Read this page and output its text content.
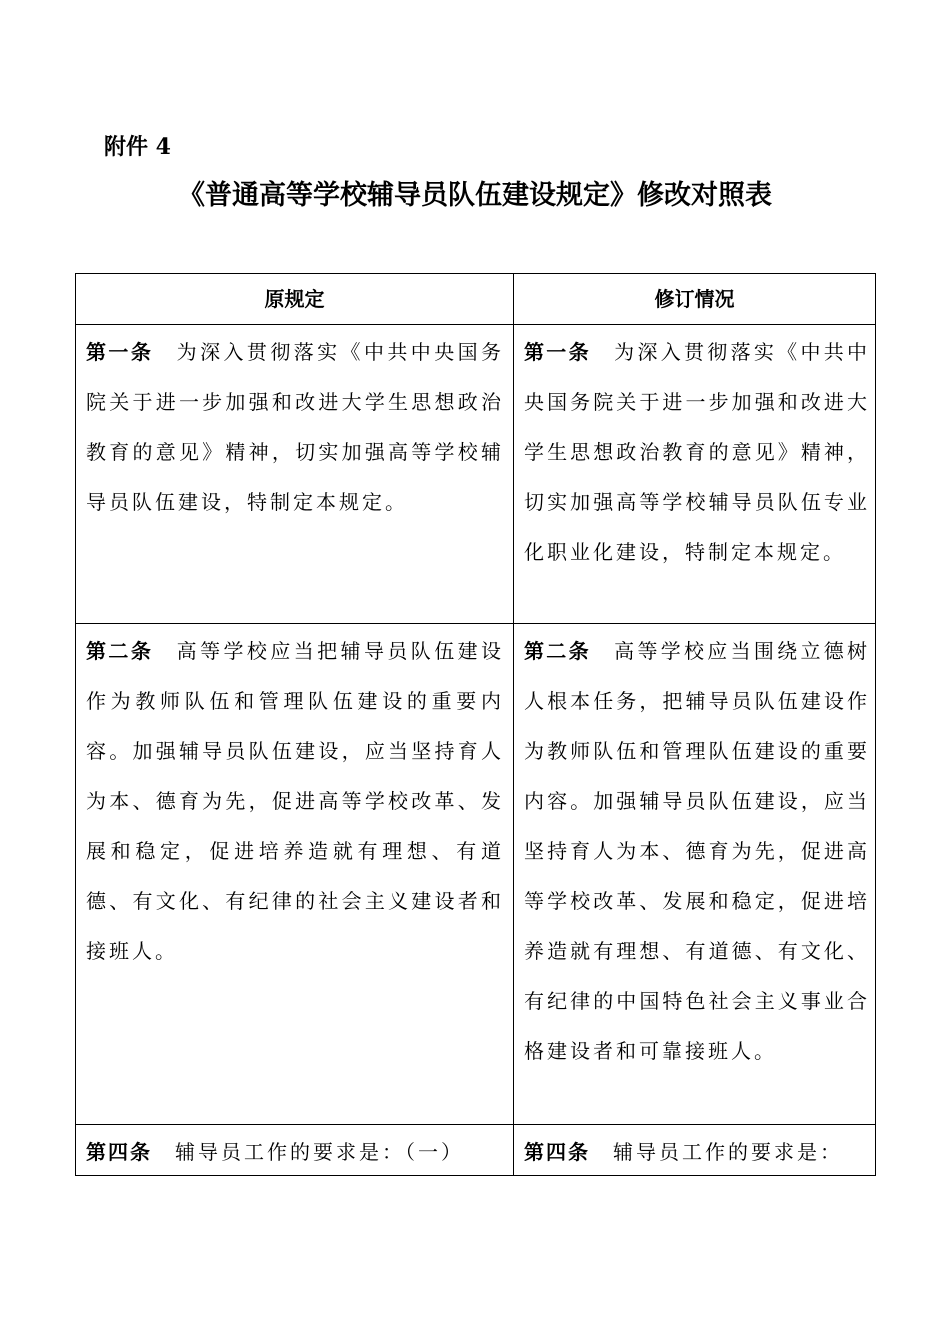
附件 4
《普通高等学校辅导员队伍建设规定》修改对照表
原规定	修订情况

第一条　 为深入贯彻落实《中共中央国务院关于进一步加强和改进大学生思想政治教育的意见》精神，切实加强高等学校辅导员队伍建设，特制定本规定。	第一条　 为深入贯彻落实《中共中央国务院关于进一步加强和改进大学生思想政治教育的意见》精神，切实加强高等学校辅导员队伍专业化职业化建设，特制定本规定。

第二条　 高等学校应当把辅导员队伍建设作为教师队伍和管理队伍建设的重要内容。加强辅导员队伍建设，应当坚持育人为本、德育为先，促进高等学校改革、发展和稳定，促进培养造就有理想、有道德、有文化、有纪律的社会主义建设者和接班人。	第二条　 高等学校应当围绕立德树人根本任务，把辅导员队伍建设作为教师队伍和管理队伍建设的重要内容。加强辅导员队伍建设，应当坚持育人为本、德育为先，促进高等学校改革、发展和稳定，促进培养造就有理想、有道德、有文化、有纪律的中国特色社会主义事业合格建设者和可靠接班人。

第四条　 辅导员工作的要求是：（一）	第四条　 辅导员工作的要求是：
